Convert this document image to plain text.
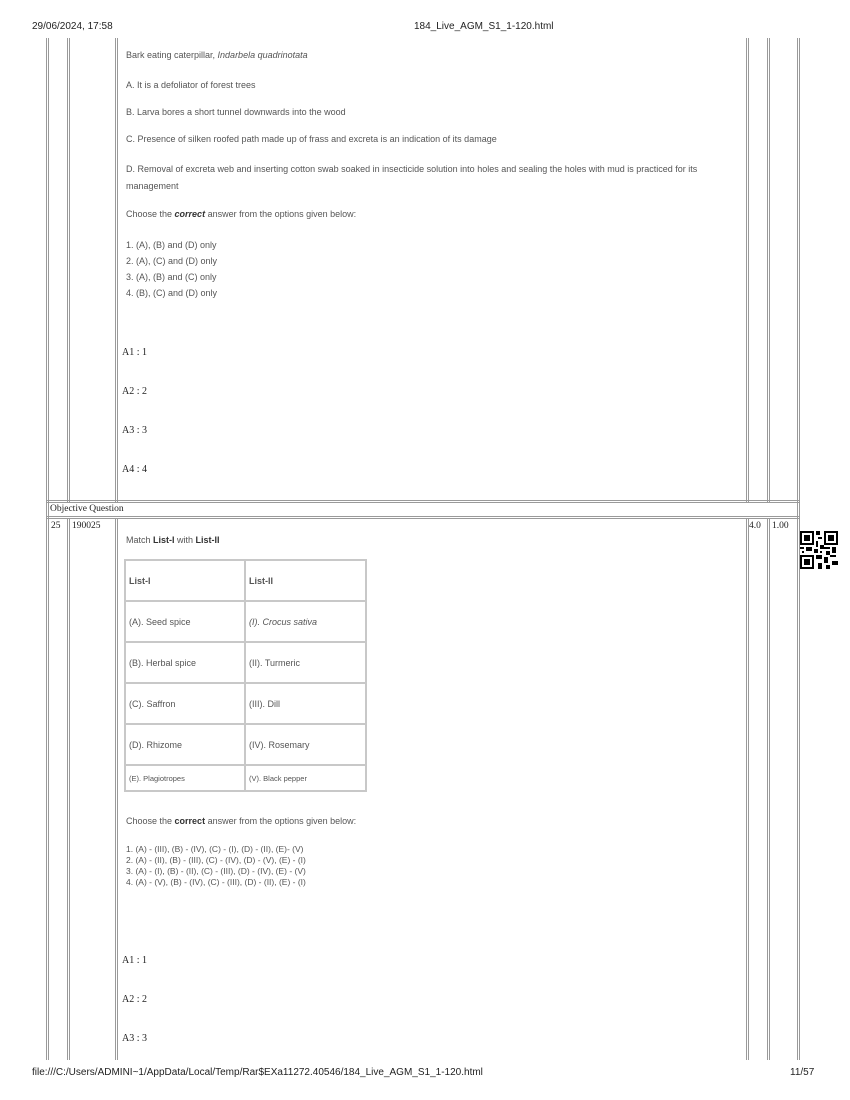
29/06/2024, 17:58	184_Live_AGM_S1_1-120.html
file:///C:/Users/ADMINI~1/AppData/Local/Temp/Rar$EXa11272.40546/184_Live_AGM_S1_1-120.html	11/57
Bark eating caterpillar, Indarbela quadrinotata
A. It is a defoliator of forest trees
B. Larva bores a short tunnel downwards into the wood
C. Presence of silken roofed path made up of frass and excreta is an indication of its damage
D. Removal of excreta web and inserting cotton swab soaked in insecticide solution into holes and sealing the holes with mud is practiced for its management
Choose the correct answer from the options given below:
1. (A), (B) and (D) only
2. (A), (C) and (D) only
3. (A), (B) and (C) only
4. (B), (C) and (D) only
A1 : 1
A2 : 2
A3 : 3
A4 : 4
Objective Question
25 190025	4.0 1.00
Match List-I with List-II
List-I	List-II
(A). Seed spice	(I). Crocus sativa
(B). Herbal spice	(II). Turmeric
(C). Saffron	(III). Dill
(D). Rhizome	(IV). Rosemary
(E). Plagiotropes	(V). Black pepper
Choose the correct answer from the options given below:
1. (A) - (III), (B) - (IV), (C) - (I), (D) - (II), (E)- (V)
2. (A) - (II), (B) - (III), (C) - (IV), (D) - (V), (E) - (I)
3. (A) - (I), (B) - (II), (C) - (III), (D) - (IV), (E) - (V)
4. (A) - (V), (B) - (IV), (C) - (III), (D) - (II), (E) - (I)
A1 : 1
A2 : 2
A3 : 3
